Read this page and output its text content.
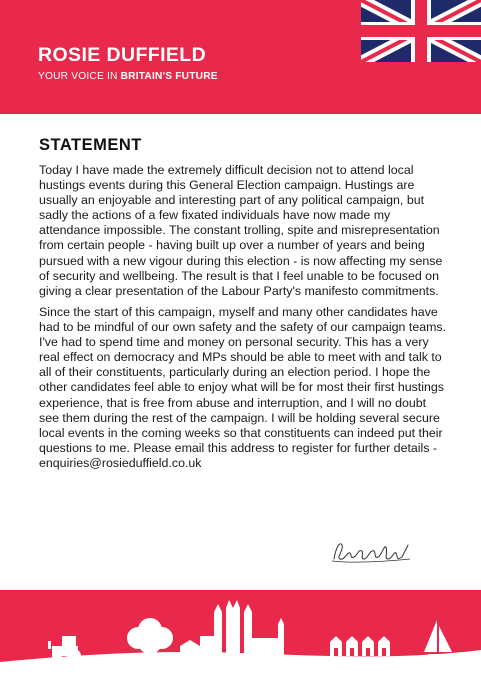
ROSIE DUFFIELD
YOUR VOICE IN BRITAIN'S FUTURE
STATEMENT

Today I have made the extremely difficult decision not to attend local hustings events during this General Election campaign. Hustings are usually an enjoyable and interesting part of any political campaign, but sadly the actions of a few fixated individuals have now made my attendance impossible. The constant trolling, spite and misrepresentation from certain people - having built up over a number of years and being pursued with a new vigour during this election - is now affecting my sense of security and wellbeing. The result is that I feel unable to be focused on giving a clear presentation of the Labour Party's manifesto commitments.

Since the start of this campaign, myself and many other candidates have had to be mindful of our own safety and the safety of our campaign teams. I've had to spend time and money on personal security. This has a very real effect on democracy and MPs should be able to meet with and talk to all of their constituents, particularly during an election period. I hope the other candidates feel able to enjoy what will be for most their first hustings experience, that is free from abuse and interruption, and I will no doubt see them during the rest of the campaign. I will be holding several secure local events in the coming weeks so that constituents can indeed put their questions to me. Please email this address to register for further details - enquiries@rosieduffield.co.uk

Promoted by Pat Edwards on behalf of Rosie Duffield, both of 12, Belmont Road, Whitstable CT5 1QP
